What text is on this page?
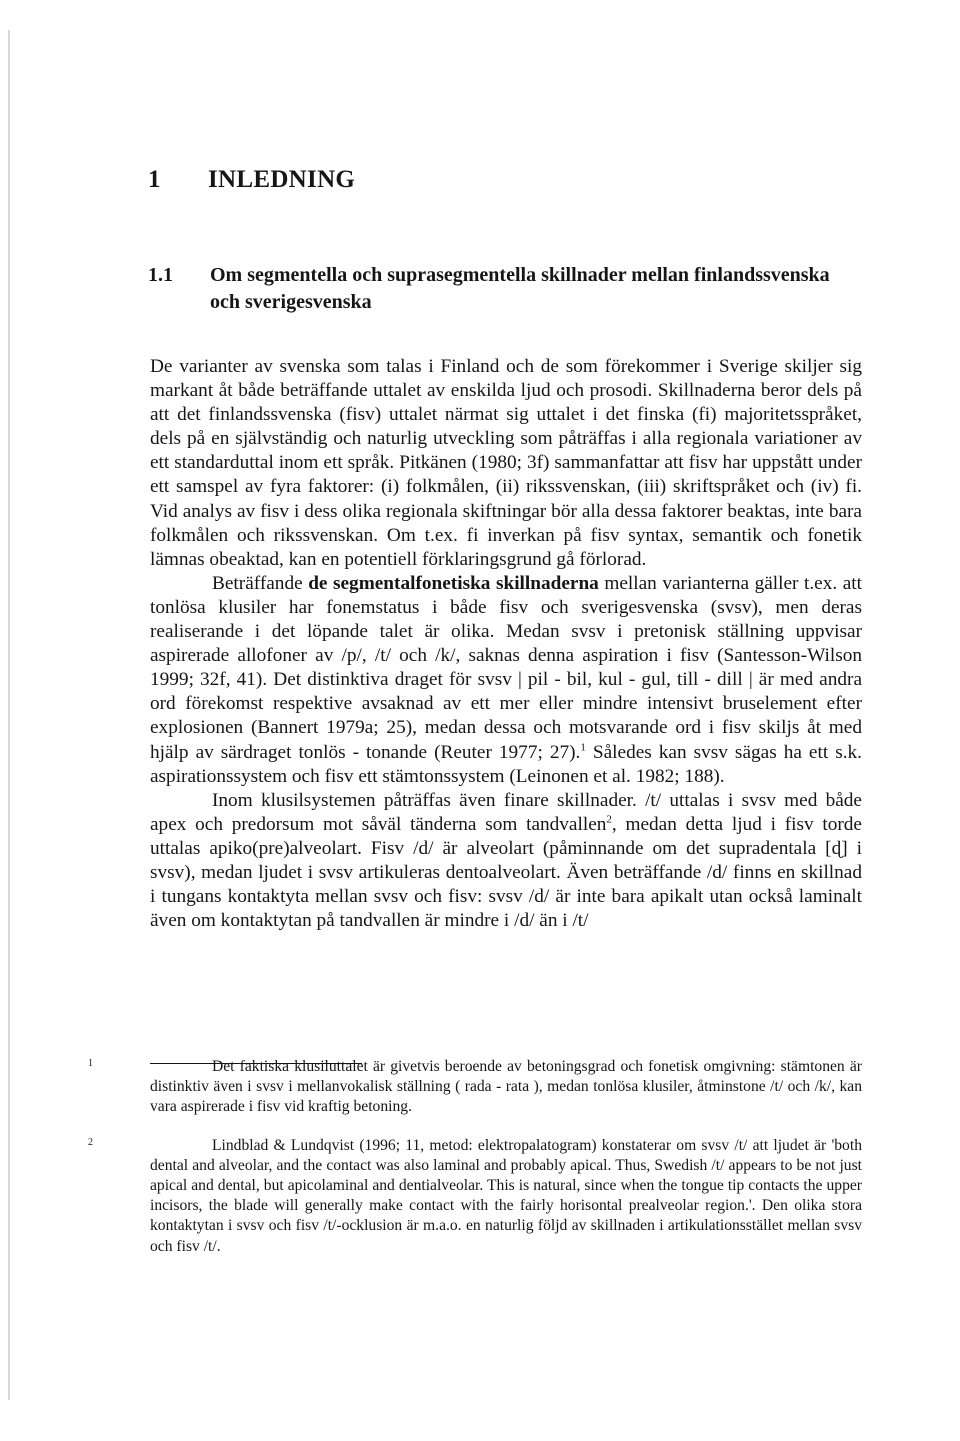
1 INLEDNING
1.1 Om segmentella och suprasegmentella skillnader mellan finlandssvenska och sverigesvenska

De varianter av svenska som talas i Finland och de som förekommer i Sverige skiljer sig markant åt både beträffande uttalet av enskilda ljud och prosodi. Skillnaderna beror dels på att det finlandssvenska (fisv) uttalet närmat sig uttalet i det finska (fi) majoritetsspråket, dels på en självständig och naturlig utveckling som påträffas i alla regionala variationer av ett standarduttal inom ett språk. Pitkänen (1980; 3f) sammanfattar att fisv har uppstått under ett samspel av fyra faktorer: (i) folkmålen, (ii) rikssvenskan, (iii) skriftspråket och (iv) fi. Vid analys av fisv i dess olika regionala skiftningar bör alla dessa faktorer beaktas, inte bara folkmålen och rikssvenskan. Om t.ex. fi inverkan på fisv syntax, semantik och fonetik lämnas obeaktad, kan en potentiell förklaringsgrund gå förlorad.

Beträffande de segmentalfonetiska skillnaderna mellan varianterna gäller t.ex. att tonlösa klusiler har fonemstatus i både fisv och sverigesvenska (svsv), men deras realiserande i det löpande talet är olika. Medan svsv i pretonisk ställning uppvisar aspirerade allofoner av /p/, /t/ och /k/, saknas denna aspiration i fisv (Santesson-Wilson 1999; 32f, 41). Det distinktiva draget för svsv | pil - bil, kul - gul, till - dill | är med andra ord förekomst respektive avsaknad av ett mer eller mindre intensivt bruselement efter explosionen (Bannert 1979a; 25), medan dessa och motsvarande ord i fisv skiljs åt med hjälp av särdraget tonlös - tonande (Reuter 1977; 27).$^1$ Således kan svsv sägas ha ett s.k. aspirationssystem och fisv ett stämtonssystem (Leinonen et al. 1982; 188).

Inom klusilsystemen påträffas även finare skillnader. /t/ uttalas i svsv med både apex och predorsum mot såväl tänderna som tandvallen$^2$, medan detta ljud i fisv torde uttalas apiko(pre)alveolart. Fisv /d/ är alveolart (påminnande om det supradentala [ɖ] i svsv), medan ljudet i svsv artikuleras dentoalveolart. Även beträffande /d/ finns en skillnad i tungans kontaktyta mellan svsv och fisv: svsv /d/ är inte bara apikalt utan också laminalt även om kontaktytan på tandvallen är mindre i /d/ än i /t/

1	Det faktiska klusiluttalet är givetvis beroende av betoningsgrad och fonetisk omgivning: stämtonen är distinktiv även i svsv i mellanvokalisk ställning ( rada - rata ), medan tonlösa klusiler, åtminstone /t/ och /k/, kan vara aspirerade i fisv vid kraftig betoning.

2	Lindblad & Lundqvist (1996; 11, metod: elektropalatogram) konstaterar om svsv /t/ att ljudet är 'both dental and alveolar, and the contact was also laminal and probably apical. Thus, Swedish /t/ appears to be not just apical and dental, but apicolaminal and dentialveolar. This is natural, since when the tongue tip contacts the upper incisors, the blade will generally make contact with the fairly horisontal prealveolar region.'. Den olika stora kontaktytan i svsv och fisv /t/-ocklusion är m.a.o. en naturlig följd av skillnaden i artikulationsstället mellan svsv och fisv /t/.
